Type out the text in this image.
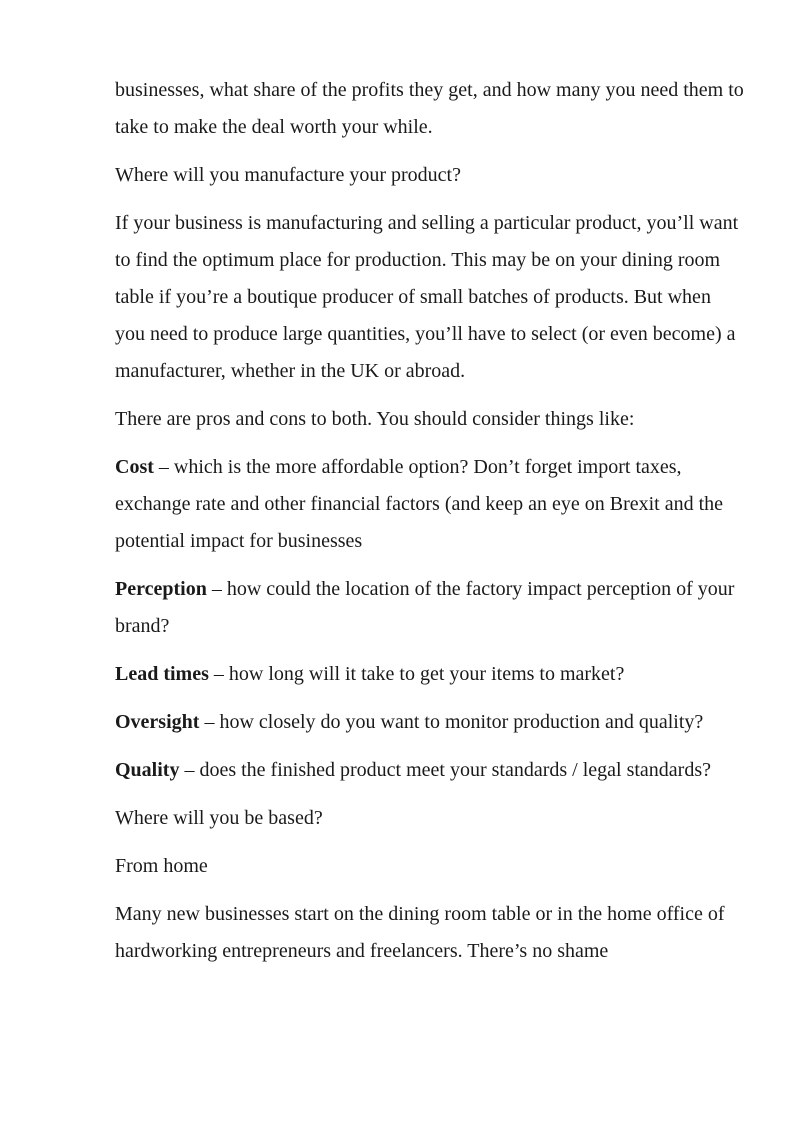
businesses, what share of the profits they get, and how many you need them to take to make the deal worth your while.

Where will you manufacture your product?

If your business is manufacturing and selling a particular product, you’ll want to find the optimum place for production. This may be on your dining room table if you’re a boutique producer of small batches of products. But when you need to produce large quantities, you’ll have to select (or even become) a manufacturer, whether in the UK or abroad.

There are pros and cons to both. You should consider things like:

Cost – which is the more affordable option? Don’t forget import taxes, exchange rate and other financial factors (and keep an eye on Brexit and the potential impact for businesses

Perception – how could the location of the factory impact perception of your brand?

Lead times – how long will it take to get your items to market?

Oversight – how closely do you want to monitor production and quality?

Quality – does the finished product meet your standards / legal standards?

Where will you be based?

From home

Many new businesses start on the dining room table or in the home office of hardworking entrepreneurs and freelancers. There’s no shame
